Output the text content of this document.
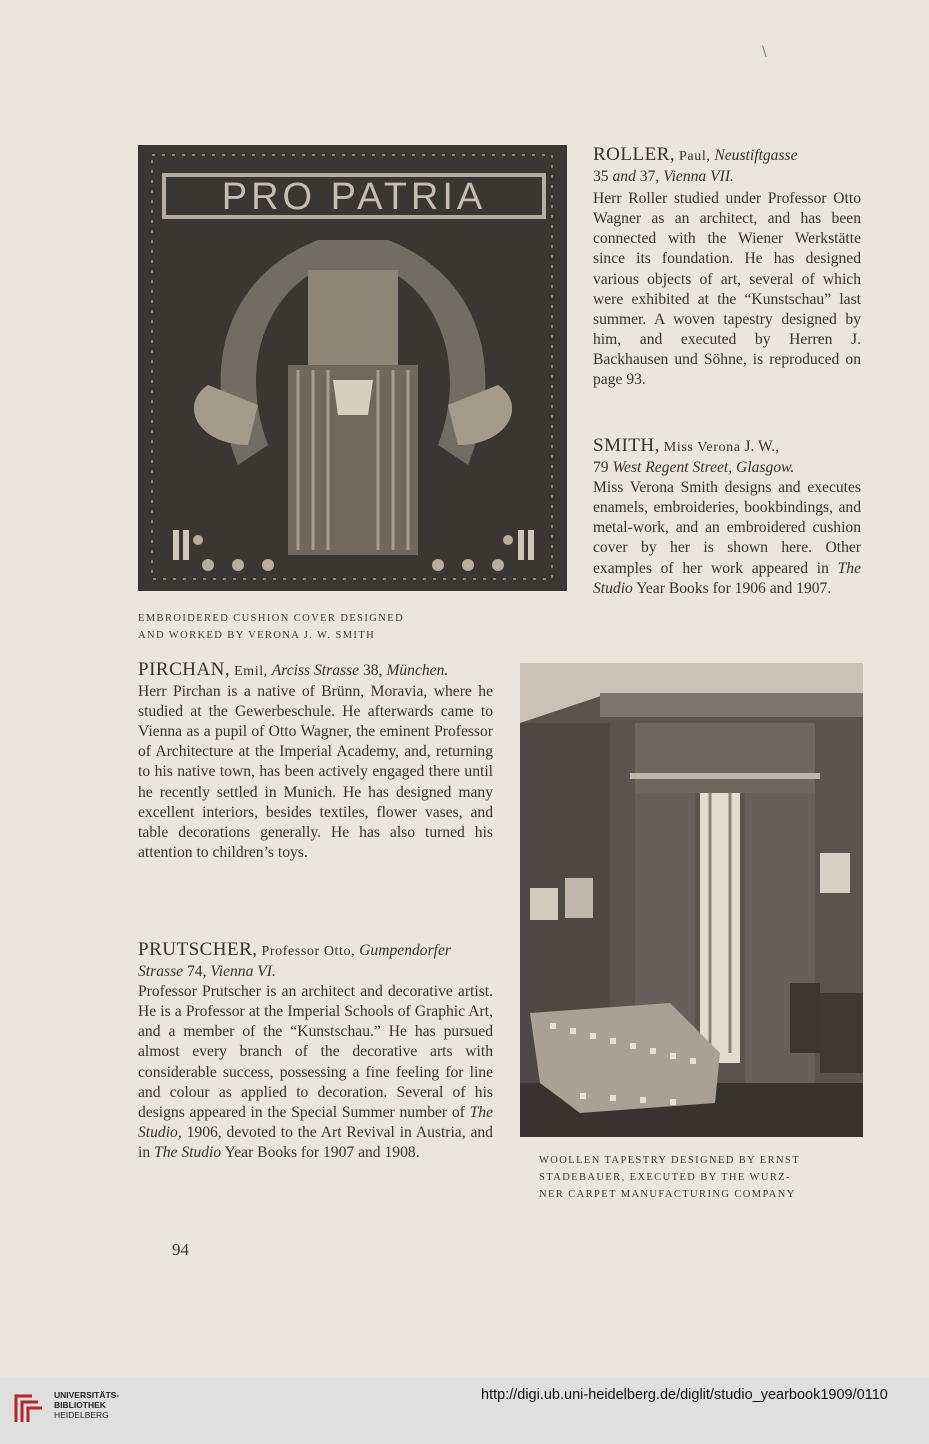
\
PRO PATRIA
EMBROIDERED CUSHION COVER DESIGNED
AND WORKED BY VERONA J. W. SMITH

ROLLER, Paul, Neustiftgasse

35 and 37, Vienna VII.

Herr Roller studied under Professor Otto Wagner as an architect, and has been connected with the Wiener Werkstätte since its foundation. He has designed various objects of art, several of which were exhibited at the “Kunstschau” last summer. A woven tapestry designed by him, and executed by Herren J. Backhausen und Söhne, is reproduced on page 93.

SMITH, Miss Verona J. W.,

79 West Regent Street, Glasgow.

Miss Verona Smith designs and executes enamels, embroideries, bookbindings, and metal-work, and an embroidered cushion cover by her is shown here. Other examples of her work appeared in The Studio Year Books for 1906 and 1907.

PIRCHAN, Emil, Arciss Strasse 38, München.

Herr Pirchan is a native of Brünn, Moravia, where he studied at the Gewerbeschule. He afterwards came to Vienna as a pupil of Otto Wagner, the eminent Professor of Architecture at the Imperial Academy, and, returning to his native town, has been actively engaged there until he recently settled in Munich. He has designed many excellent interiors, besides textiles, flower vases, and table decorations generally. He has also turned his attention to children’s toys.

PRUTSCHER, Professor Otto, Gumpendorfer Strasse 74, Vienna VI.

Professor Prutscher is an architect and decorative artist. He is a Professor at the Imperial Schools of Graphic Art, and a member of the “Kunstschau.” He has pursued almost every branch of the decorative arts with considerable success, possessing a fine feeling for line and colour as applied to decoration. Several of his designs appeared in the Special Summer number of The Studio, 1906, devoted to the Art Revival in Austria, and in The Studio Year Books for 1907 and 1908.	WOOLLEN TAPESTRY DESIGNED BY ERNST
STADEBAUER, EXECUTED BY THE WURZ-
NER CARPET MANUFACTURING COMPANY
94
UNIVERSITÄTS-
BIBLIOTHEK
HEIDELBERG
http://digi.ub.uni-heidelberg.de/diglit/studio_yearbook1909/0110
